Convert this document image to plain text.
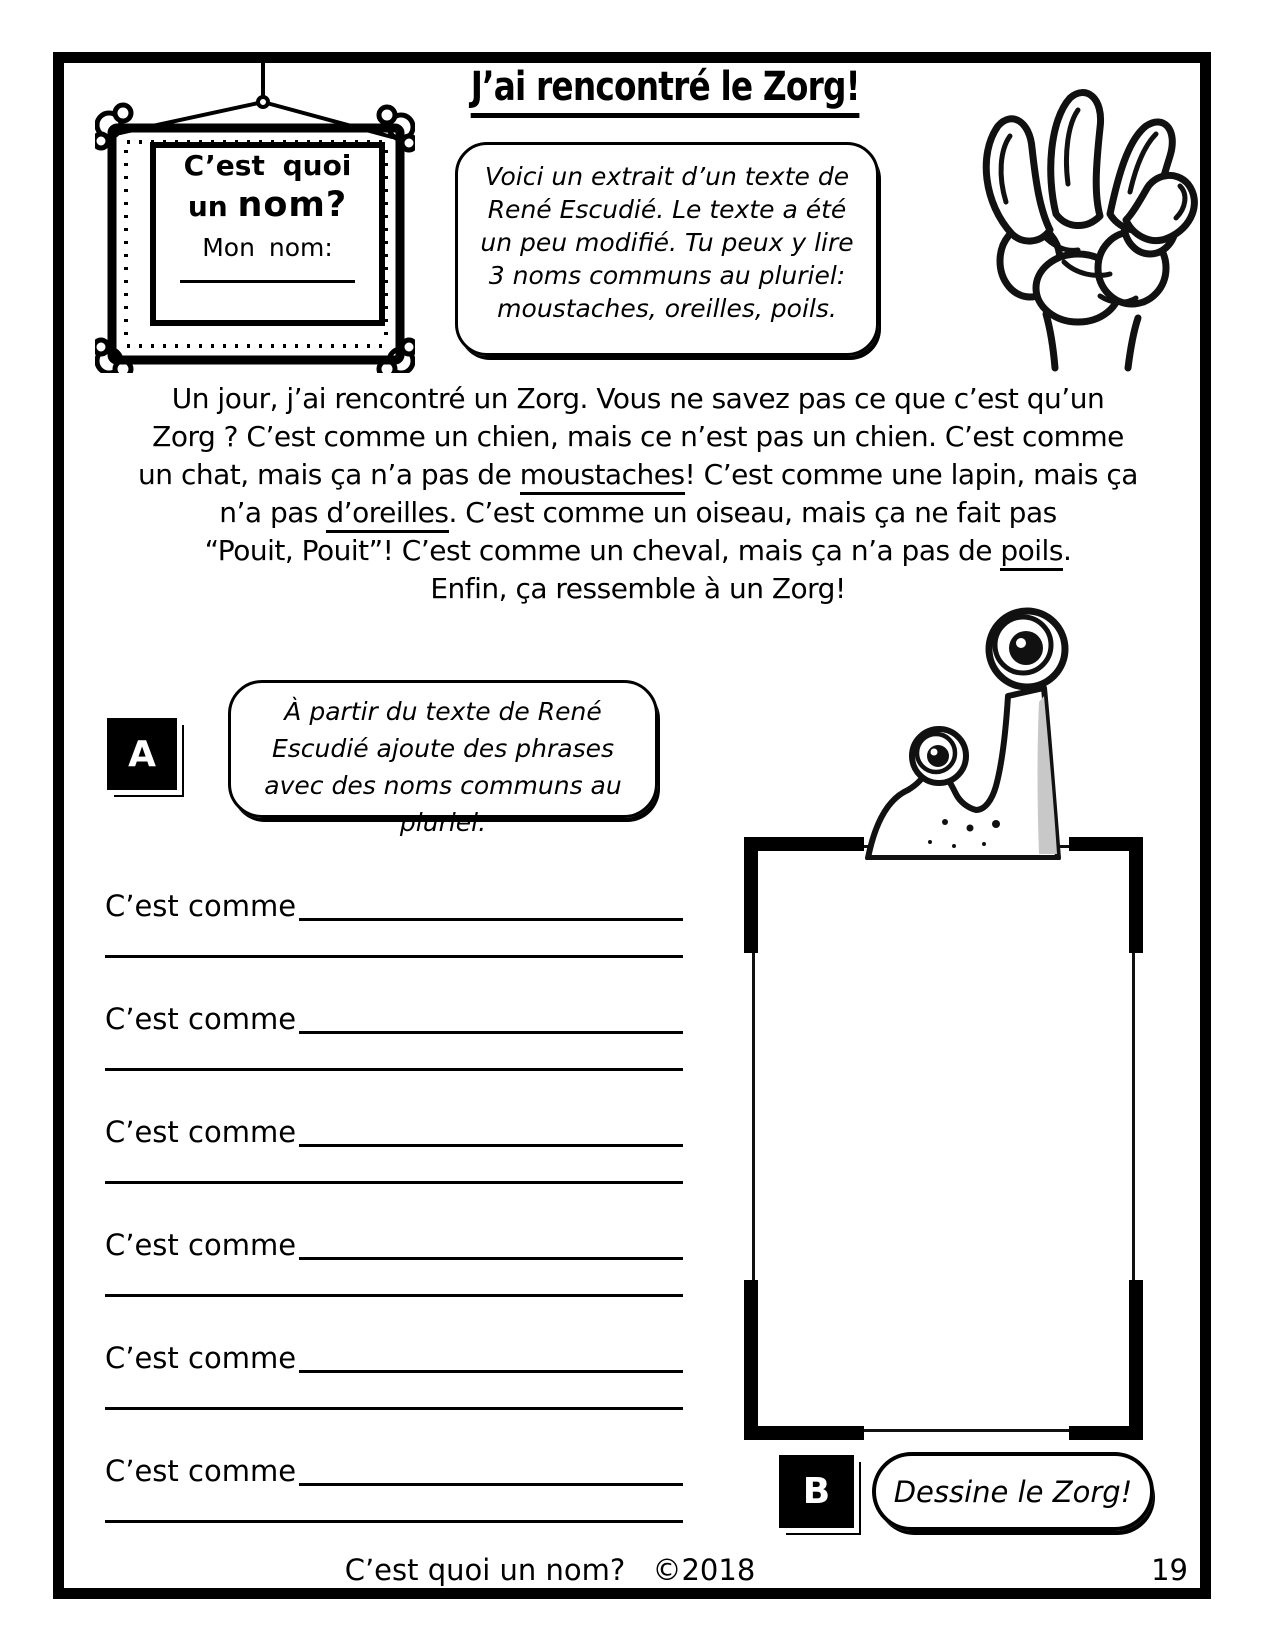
C’est quoi
un nom?
Mon nom:
J’ai rencontré le Zorg!
Voici un extrait d’un texte de René Escudié. Le texte a été un peu modifié. Tu peux y lire 3 noms communs au pluriel: moustaches, oreilles, poils.
Un jour, j’ai rencontré un Zorg. Vous ne savez pas ce que c’est qu’un
Zorg ? C’est comme un chien, mais ce n’est pas un chien. C’est comme
un chat, mais ça n’a pas de moustaches! C’est comme une lapin, mais ça
n’a pas d’oreilles. C’est comme un oiseau, mais ça ne fait pas
“Pouit, Pouit”! C’est comme un cheval, mais ça n’a pas de poils.
Enfin, ça ressemble à un Zorg!
A
À partir du texte de René Escudié ajoute des phrases avec des noms communs au pluriel.
C’est comme
C’est comme
C’est comme
C’est comme
C’est comme
C’est comme
B	Dessine le Zorg!
C’est quoi un nom? ©2018	19
